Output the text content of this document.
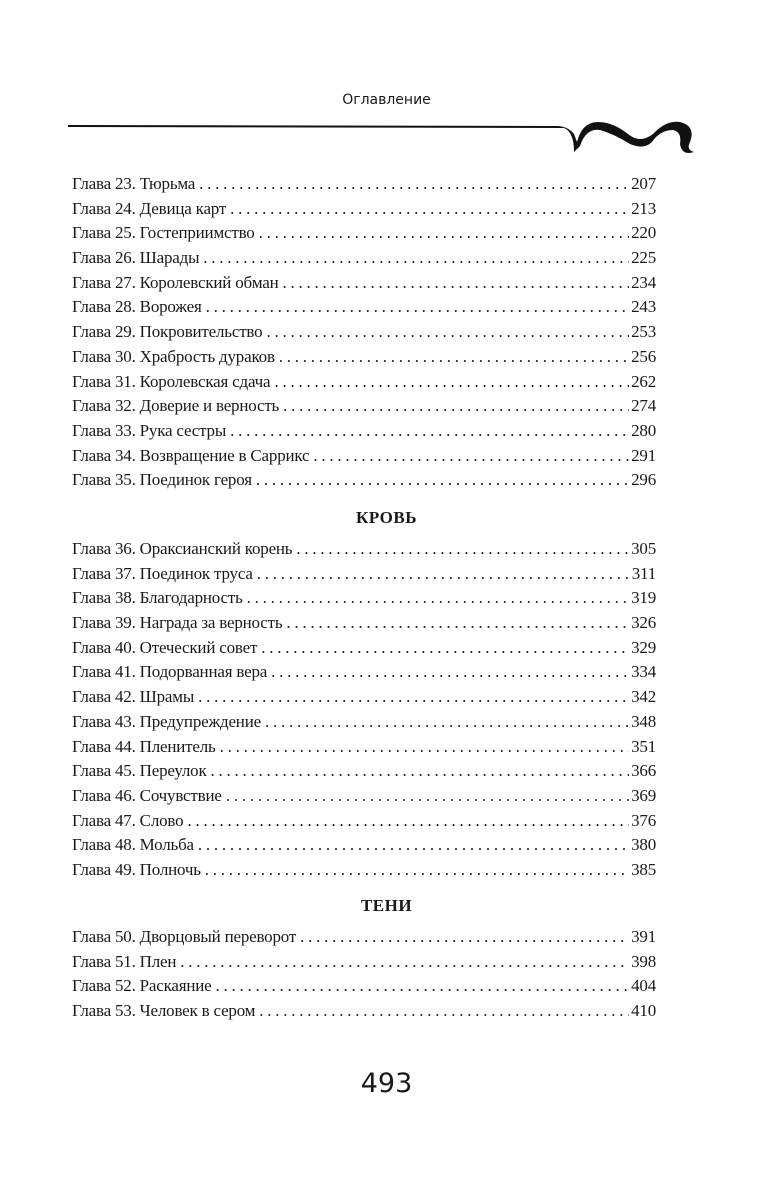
Оглавление
Глава 23. Тюрьма . . .	207
Глава 24. Девица карт . . .	213
Глава 25. Гостеприимство . . .	220
Глава 26. Шарады . . .	225
Глава 27. Королевский обман . . .	234
Глава 28. Ворожея . . .	243
Глава 29. Покровительство . . .	253
Глава 30. Храбрость дураков . . .	256
Глава 31. Королевская сдача . . .	262
Глава 32. Доверие и верность . . .	274
Глава 33. Рука сестры . . .	280
Глава 34. Возвращение в Саррикс . . .	291
Глава 35. Поединок героя . . .	296
КРОВЬ
Глава 36. Ораксианский корень . . .	305
Глава 37. Поединок труса . . .	311
Глава 38. Благодарность . . .	319
Глава 39. Награда за верность . . .	326
Глава 40. Отеческий совет . . .	329
Глава 41. Подорванная вера . . .	334
Глава 42. Шрамы . . .	342
Глава 43. Предупреждение . . .	348
Глава 44. Пленитель . . .	351
Глава 45. Переулок . . .	366
Глава 46. Сочувствие . . .	369
Глава 47. Слово . . .	376
Глава 48. Мольба . . .	380
Глава 49. Полночь . . .	385
ТЕНИ
Глава 50. Дворцовый переворот . . .	391
Глава 51. Плен . . .	398
Глава 52. Раскаяние . . .	404
Глава 53. Человек в сером . . .	410
493
